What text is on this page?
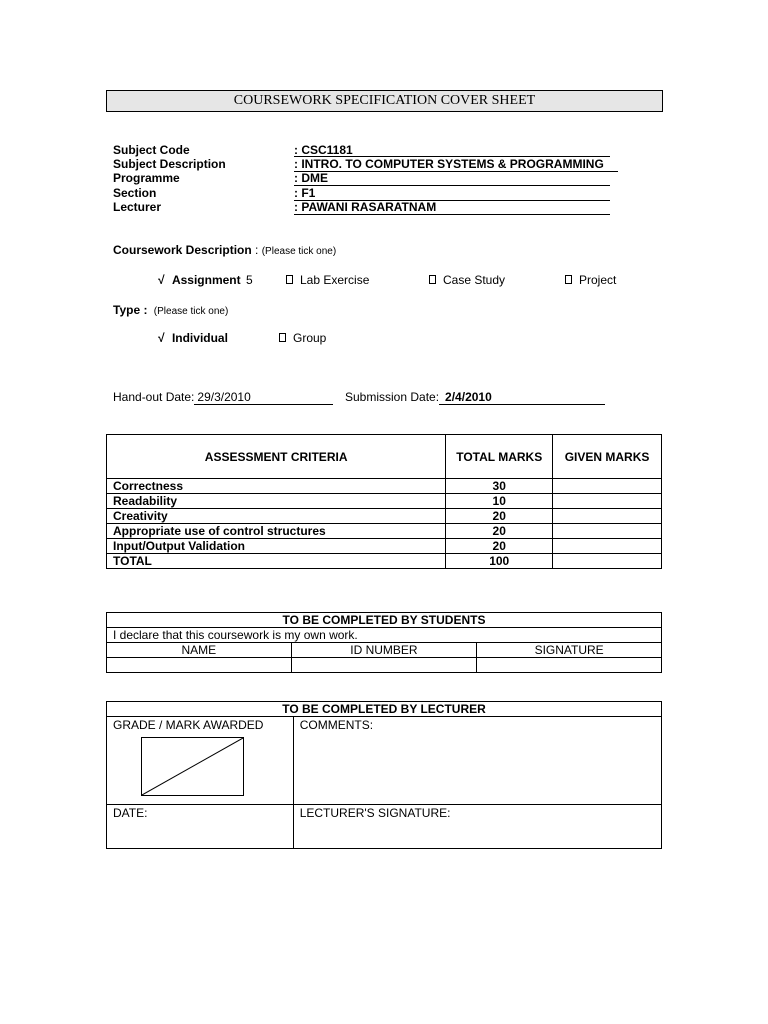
COURSEWORK SPECIFICATION COVER SHEET
Subject Code	: CSC1181
Subject Description	: INTRO. TO COMPUTER SYSTEMS & PROGRAMMING
Programme	: DME
Section	: F1
Lecturer	: PAWANI RASARATNAM
Coursework Description : (Please tick one)
√ Assignment 5	Lab Exercise	Case Study	Project
Type : (Please tick one)
√ Individual	Group
Hand-out Date: 29/3/2010	Submission Date: 2/4/2010
ASSESSMENT CRITERIA	TOTAL MARKS	GIVEN MARKS
Correctness	30	
Readability	10	
Creativity	20	
Appropriate use of control structures	20	
Input/Output Validation	20	
TOTAL	100	
TO BE COMPLETED BY STUDENTS		
I declare that this coursework is my own work.		
NAME	ID NUMBER	SIGNATURE

TO BE COMPLETED BY LECTURER	
GRADE / MARK AWARDED	COMMENTS:
DATE:	LECTURER'S SIGNATURE:
